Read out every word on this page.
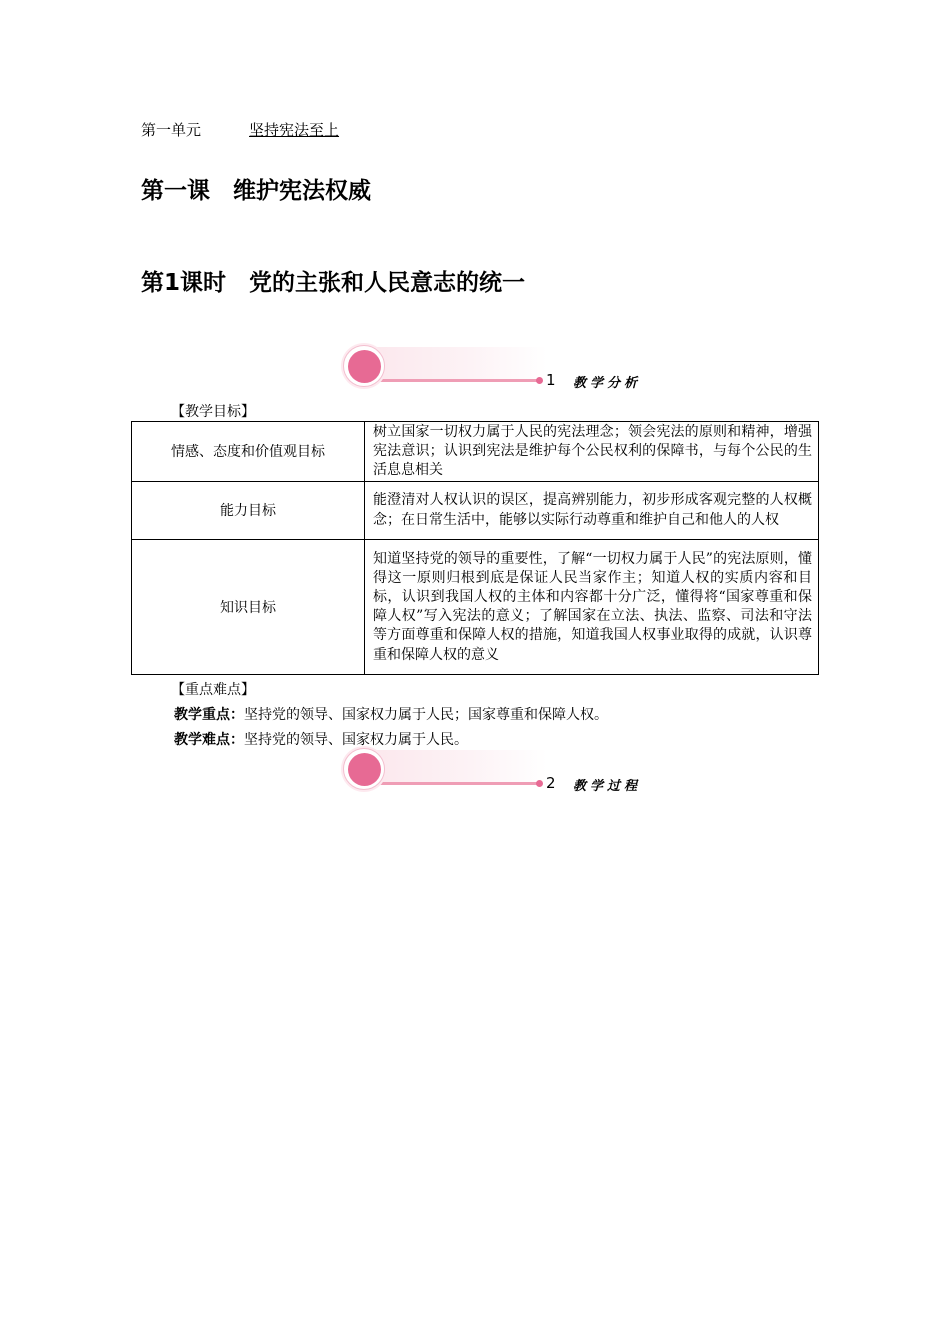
第一单元	坚持宪法至上
第一课　维护宪法权威
第1课时　党的主张和人民意志的统一
1 教学分析
【教学目标】
情感、态度和价值观目标	树立国家一切权力属于人民的宪法理念；领会宪法的原则和精神，增强宪法意识；认识到宪法是维护每个公民权利的保障书，与每个公民的生活息息相关
能力目标	能澄清对人权认识的误区，提高辨别能力，初步形成客观完整的人权概念；在日常生活中，能够以实际行动尊重和维护自己和他人的人权
知识目标	知道坚持党的领导的重要性，了解“一切权力属于人民”的宪法原则，懂得这一原则归根到底是保证人民当家作主；知道人权的实质内容和目标，认识到我国人权的主体和内容都十分广泛，懂得将“国家尊重和保障人权”写入宪法的意义；了解国家在立法、执法、监察、司法和守法等方面尊重和保障人权的措施，知道我国人权事业取得的成就，认识尊重和保障人权的意义
【重点难点】
教学重点：坚持党的领导、国家权力属于人民；国家尊重和保障人权。
教学难点：坚持党的领导、国家权力属于人民。
2 教学过程
